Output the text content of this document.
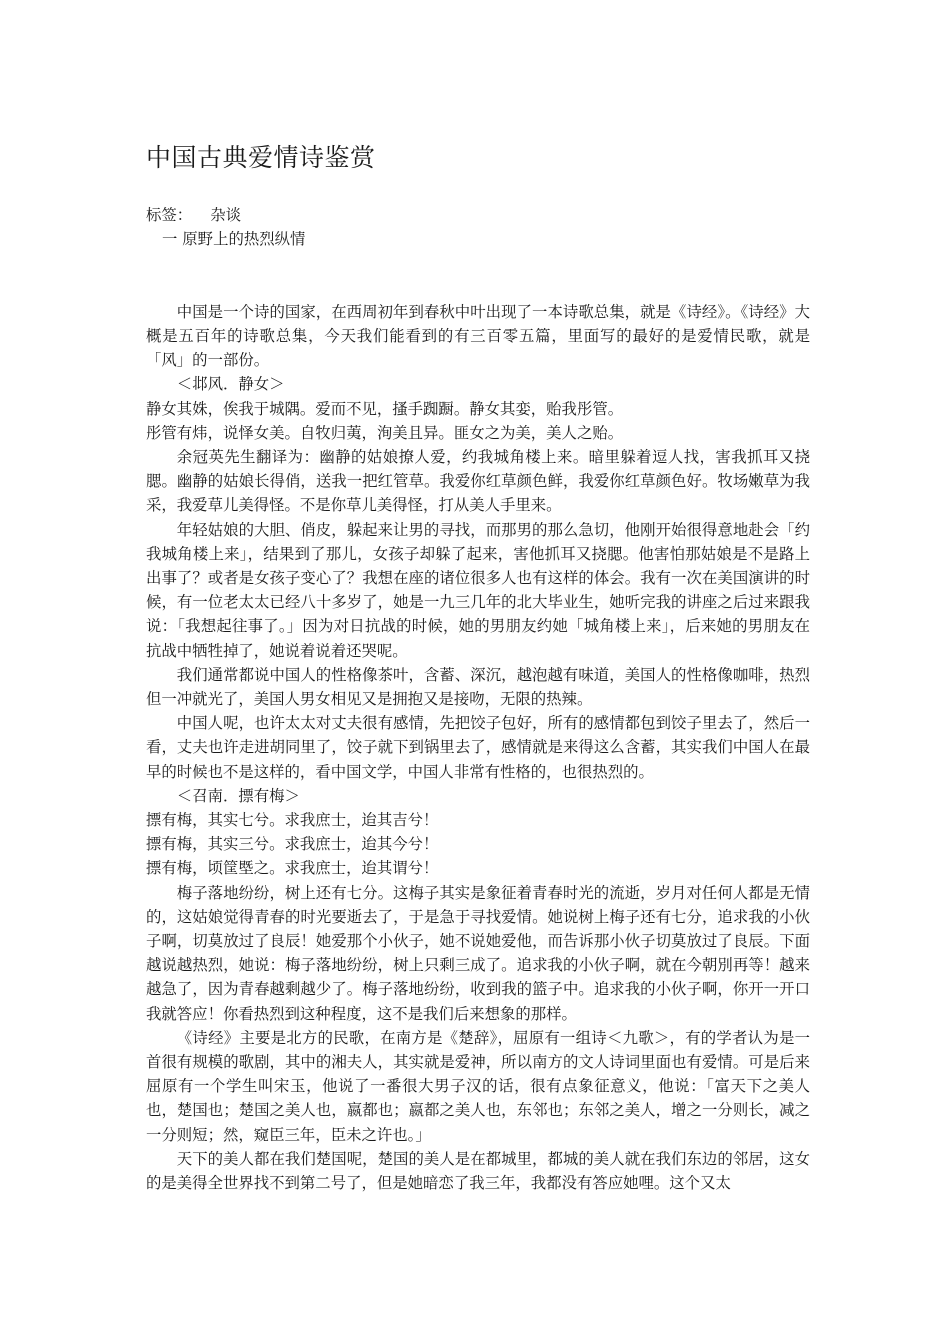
中国古典爱情诗鉴赏

标签： 杂谈

一 原野上的热烈纵情

中国是一个诗的国家，在西周初年到春秋中叶出现了一本诗歌总集，就是《诗经》。《诗经》大概是五百年的诗歌总集，今天我们能看到的有三百零五篇，里面写的最好的是爱情民歌，就是「风」的一部份。

＜邶风．静女＞

静女其姝，俟我于城隅。爱而不见，搔手踟蹰。静女其娈，贻我彤管。

彤管有炜，说怿女美。自牧归荑，洵美且异。匪女之为美，美人之贻。

余冠英先生翻译为：幽静的姑娘撩人爱，约我城角楼上来。暗里躲着逗人找，害我抓耳又挠腮。幽静的姑娘长得俏，送我一把红管草。我爱你红草颜色鲜，我爱你红草颜色好。牧场嫩草为我采，我爱草儿美得怪。不是你草儿美得怪，打从美人手里来。

年轻姑娘的大胆、俏皮，躲起来让男的寻找，而那男的那么急切，他刚开始很得意地赴会「约我城角楼上来」，结果到了那儿，女孩子却躲了起来，害他抓耳又挠腮。他害怕那姑娘是不是路上出事了？或者是女孩子变心了？我想在座的诸位很多人也有这样的体会。我有一次在美国演讲的时候，有一位老太太已经八十多岁了，她是一九三几年的北大毕业生，她听完我的讲座之后过来跟我说：「我想起往事了。」因为对日抗战的时候，她的男朋友约她「城角楼上来」，后来她的男朋友在抗战中牺牲掉了，她说着说着还哭呢。

我们通常都说中国人的性格像茶叶，含蓄、深沉，越泡越有味道，美国人的性格像咖啡，热烈但一冲就光了，美国人男女相见又是拥抱又是接吻，无限的热辣。

中国人呢，也许太太对丈夫很有感情，先把饺子包好，所有的感情都包到饺子里去了，然后一看，丈夫也许走进胡同里了，饺子就下到锅里去了，感情就是来得这么含蓄，其实我们中国人在最早的时候也不是这样的，看中国文学，中国人非常有性格的，也很热烈的。

＜召南．摽有梅＞

摽有梅，其实七兮。求我庶士，迨其吉兮！

摽有梅，其实三兮。求我庶士，迨其今兮！

摽有梅，顷筐塈之。求我庶士，迨其谓兮！

梅子落地纷纷，树上还有七分。这梅子其实是象征着青春时光的流逝，岁月对任何人都是无情的，这姑娘觉得青春的时光要逝去了，于是急于寻找爱情。她说树上梅子还有七分，追求我的小伙子啊，切莫放过了良辰！她爱那个小伙子，她不说她爱他，而告诉那小伙子切莫放过了良辰。下面越说越热烈，她说：梅子落地纷纷，树上只剩三成了。追求我的小伙子啊，就在今朝別再等！越来越急了，因为青春越剩越少了。梅子落地纷纷，收到我的篮子中。追求我的小伙子啊，你开一开口我就答应！你看热烈到这种程度，这不是我们后来想象的那样。

《诗经》主要是北方的民歌，在南方是《楚辞》，屈原有一组诗＜九歌＞，有的学者认为是一首很有规模的歌剧，其中的湘夫人，其实就是爱神，所以南方的文人诗词里面也有爱情。可是后来屈原有一个学生叫宋玉，他说了一番很大男子汉的话，很有点象征意义，他说：「富天下之美人也，楚国也；楚国之美人也，嬴都也；嬴都之美人也，东邻也；东邻之美人，增之一分则长，减之一分则短；然，窥臣三年，臣未之许也。」

天下的美人都在我们楚国呢，楚国的美人是在都城里，都城的美人就在我们东边的邻居，这女的是美得全世界找不到第二号了，但是她暗恋了我三年，我都没有答应她哩。这个又太
